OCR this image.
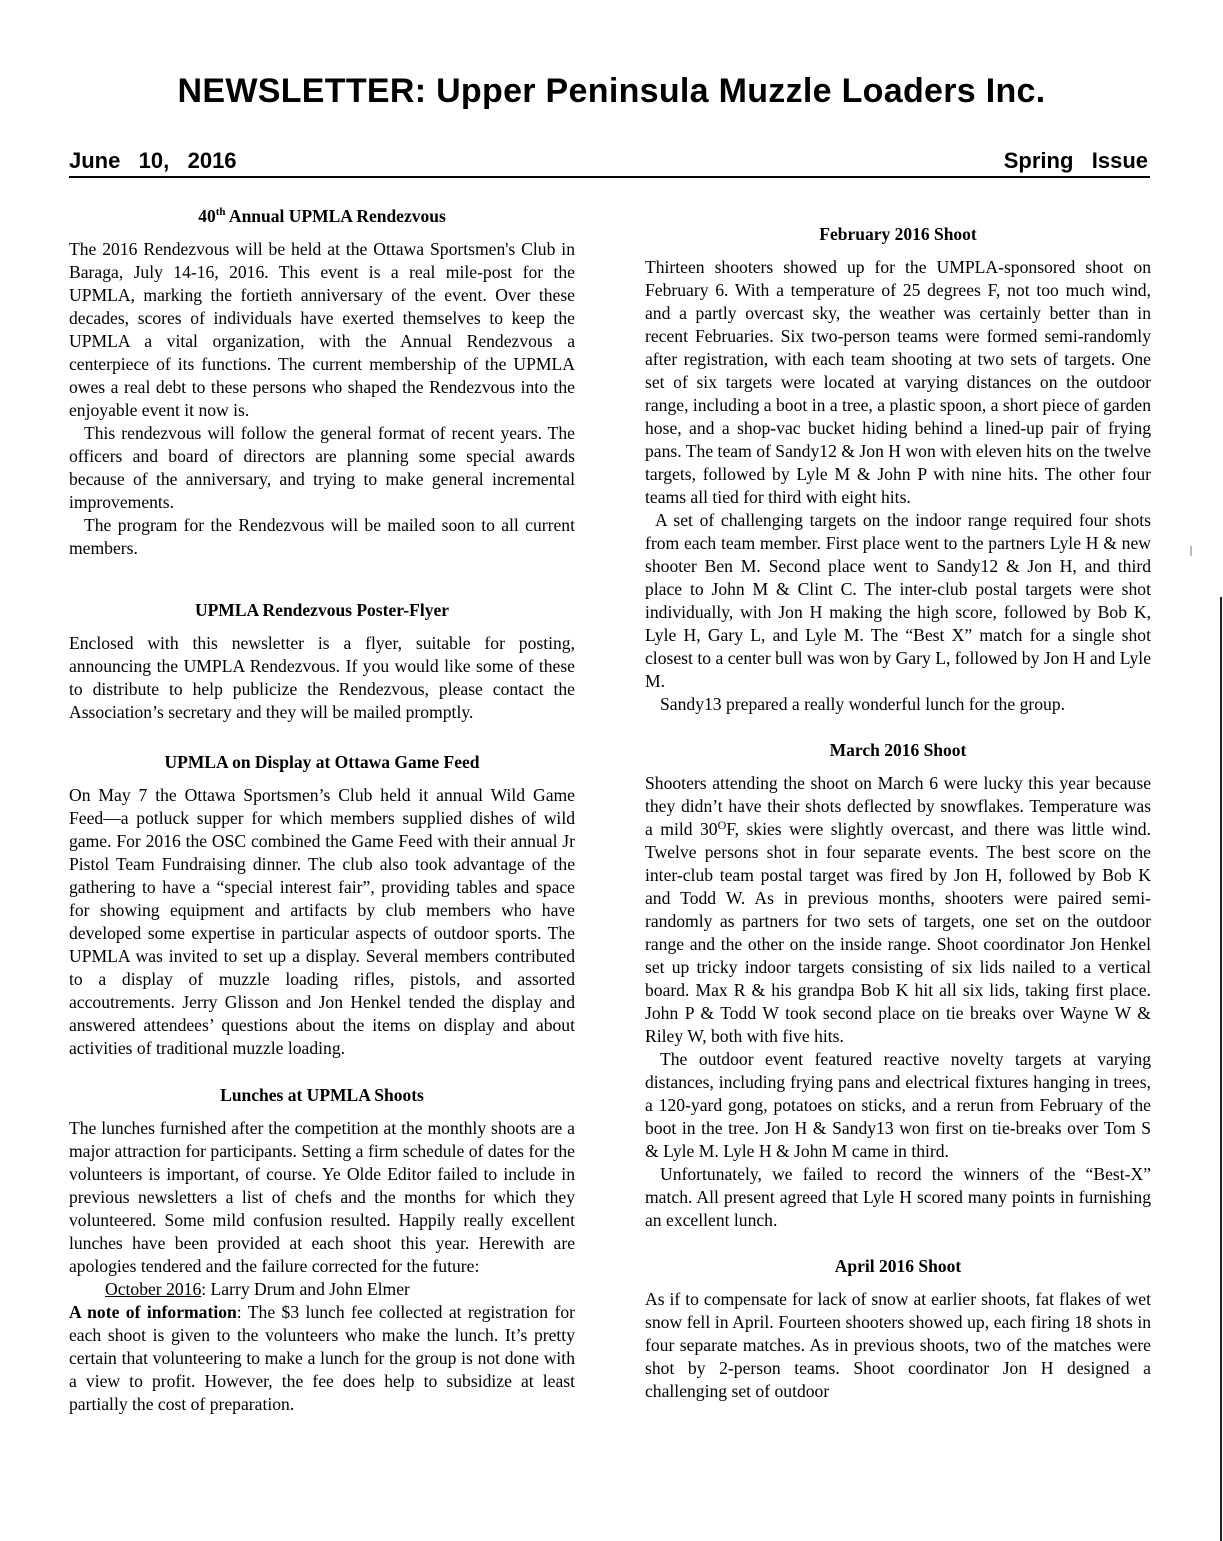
NEWSLETTER: Upper Peninsula Muzzle Loaders Inc.
June   10,   2016	Spring   Issue
40th Annual UPMLA Rendezvous

The 2016 Rendezvous will be held at the Ottawa Sportsmen's Club in Baraga, July 14-16, 2016. This event is a real mile-post for the UPMLA, marking the fortieth anniversary of the event. Over these decades, scores of individuals have exerted themselves to keep the UPMLA a vital organization, with the Annual Rendezvous a centerpiece of its functions. The current membership of the UPMLA owes a real debt to these persons who shaped the Rendezvous into the enjoyable event it now is.

This rendezvous will follow the general format of recent years. The officers and board of directors are planning some special awards because of the anniversary, and trying to make general incremental improvements.

The program for the Rendezvous will be mailed soon to all current members.

UPMLA Rendezvous Poster-Flyer

Enclosed with this newsletter is a flyer, suitable for posting, announcing the UMPLA Rendezvous. If you would like some of these to distribute to help publicize the Rendezvous, please contact the Association’s secretary and they will be mailed promptly.

UPMLA on Display at Ottawa Game Feed

On May 7 the Ottawa Sportsmen’s Club held it annual Wild Game Feed—a potluck supper for which members supplied dishes of wild game. For 2016 the OSC combined the Game Feed with their annual Jr Pistol Team Fundraising dinner. The club also took advantage of the gathering to have a “special interest fair”, providing tables and space for showing equipment and artifacts by club members who have developed some expertise in particular aspects of outdoor sports. The UPMLA was invited to set up a display. Several members contributed to a display of muzzle loading rifles, pistols, and assorted accoutrements. Jerry Glisson and Jon Henkel tended the display and answered attendees’ questions about the items on display and about activities of traditional muzzle loading.

Lunches at UPMLA Shoots

The lunches furnished after the competition at the monthly shoots are a major attraction for participants. Setting a firm schedule of dates for the volunteers is important, of course. Ye Olde Editor failed to include in previous newsletters a list of chefs and the months for which they volunteered. Some mild confusion resulted. Happily really excellent lunches have been provided at each shoot this year. Herewith are apologies tendered and the failure corrected for the future:

October 2016: Larry Drum and John Elmer

A note of information: The $3 lunch fee collected at registration for each shoot is given to the volunteers who make the lunch. It’s pretty certain that volunteering to make a lunch for the group is not done with a view to profit. However, the fee does help to subsidize at least partially the cost of preparation.

February 2016 Shoot

Thirteen shooters showed up for the UMPLA-sponsored shoot on February 6. With a temperature of 25 degrees F, not too much wind, and a partly overcast sky, the weather was certainly better than in recent Februaries. Six two-person teams were formed semi-randomly after registration, with each team shooting at two sets of targets. One set of six targets were located at varying distances on the outdoor range, including a boot in a tree, a plastic spoon, a short piece of garden hose, and a shop-vac bucket hiding behind a lined-up pair of frying pans. The team of Sandy12 & Jon H won with eleven hits on the twelve targets, followed by Lyle M & John P with nine hits. The other four teams all tied for third with eight hits.

A set of challenging targets on the indoor range required four shots from each team member. First place went to the partners Lyle H & new shooter Ben M. Second place went to Sandy12 & Jon H, and third place to John M & Clint C. The inter-club postal targets were shot individually, with Jon H making the high score, followed by Bob K, Lyle H, Gary L, and Lyle M. The “Best X” match for a single shot closest to a center bull was won by Gary L, followed by Jon H and Lyle M.

Sandy13 prepared a really wonderful lunch for the group.

March 2016 Shoot

Shooters attending the shoot on March 6 were lucky this year because they didn’t have their shots deflected by snowflakes. Temperature was a mild $30^OF$, skies were slightly overcast, and there was little wind. Twelve persons shot in four separate events. The best score on the inter-club team postal target was fired by Jon H, followed by Bob K and Todd W. As in previous months, shooters were paired semi-randomly as partners for two sets of targets, one set on the outdoor range and the other on the inside range. Shoot coordinator Jon Henkel set up tricky indoor targets consisting of six lids nailed to a vertical board. Max R & his grandpa Bob K hit all six lids, taking first place. John P & Todd W took second place on tie breaks over Wayne W & Riley W, both with five hits.

The outdoor event featured reactive novelty targets at varying distances, including frying pans and electrical fixtures hanging in trees, a 120-yard gong, potatoes on sticks, and a rerun from February of the boot in the tree. Jon H & Sandy13 won first on tie-breaks over Tom S & Lyle M. Lyle H & John M came in third.

Unfortunately, we failed to record the winners of the “Best-X” match. All present agreed that Lyle H scored many points in furnishing an excellent lunch.

April 2016 Shoot

As if to compensate for lack of snow at earlier shoots, fat flakes of wet snow fell in April. Fourteen shooters showed up, each firing 18 shots in four separate matches. As in previous shoots, two of the matches were shot by 2-person teams. Shoot coordinator Jon H designed a challenging set of outdoor
